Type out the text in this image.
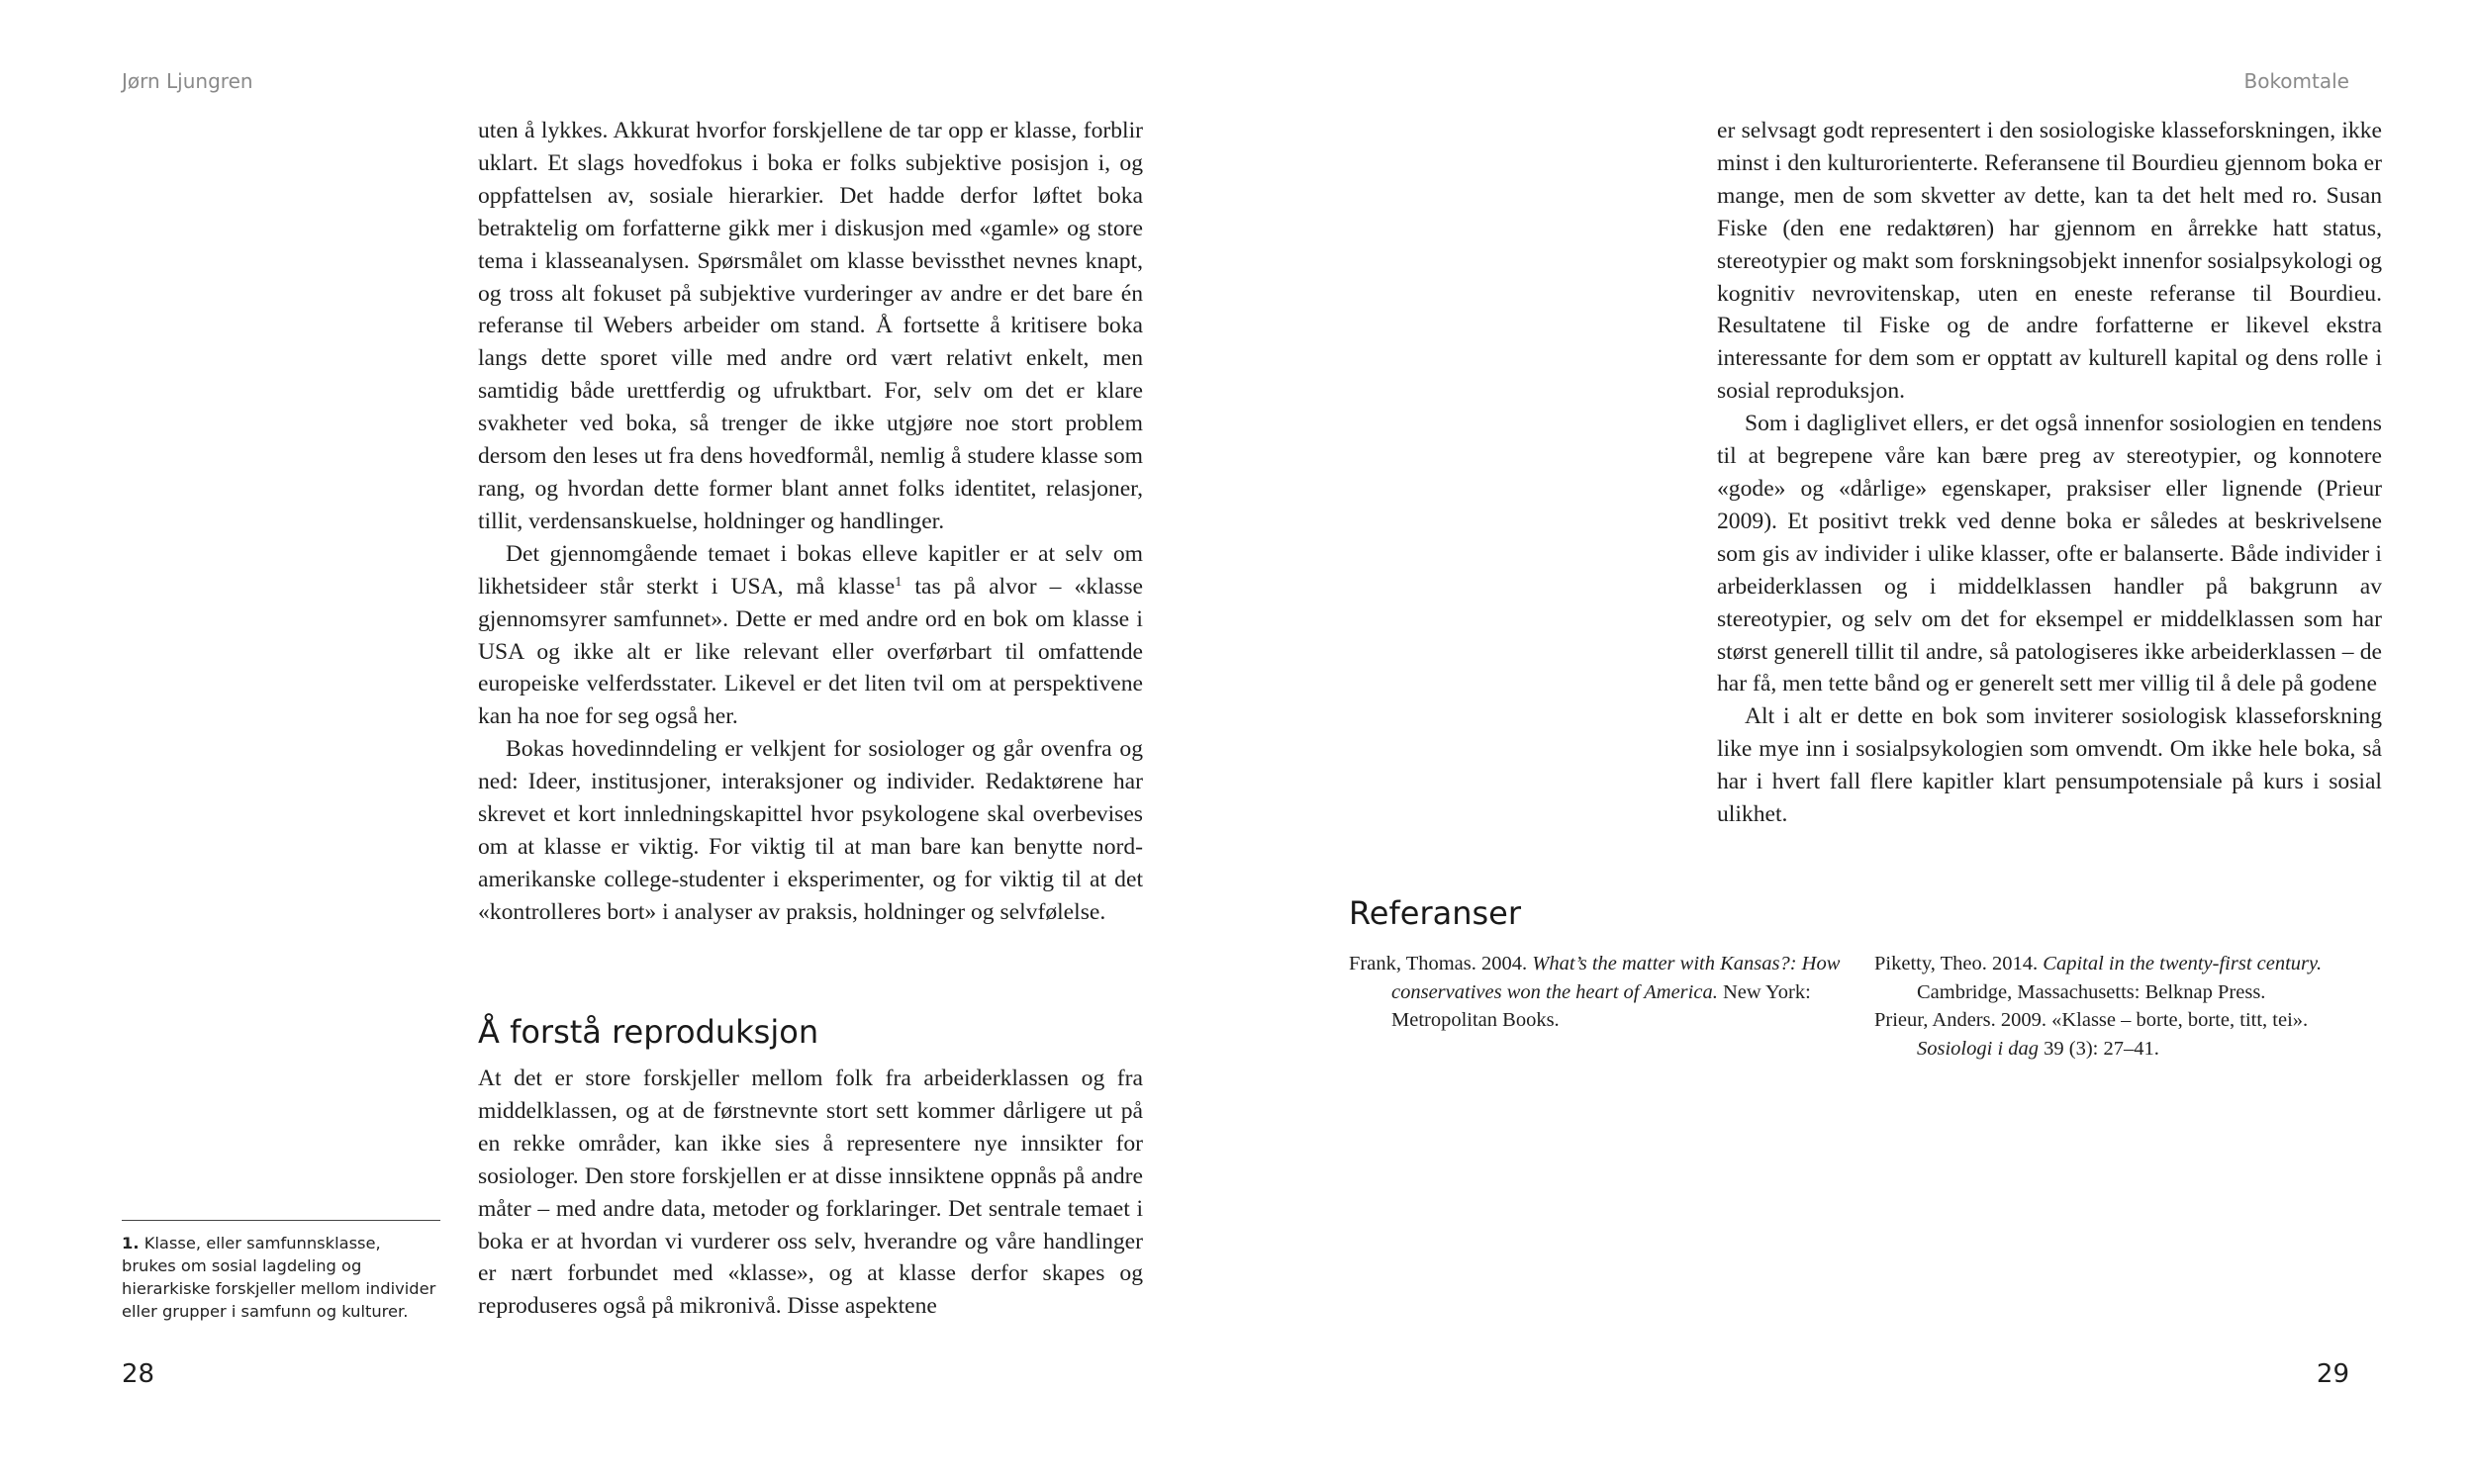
Jørn Ljungren

uten å lykkes. Akkurat hvorfor forskjellene de tar opp er klasse, forblir uklart. Et slags hovedfokus i boka er folks subjektive posisjon i, og oppfattelsen av, sosiale hierarkier. Det hadde derfor løftet boka betraktelig om forfatterne gikk mer i diskusjon med «gamle» og store tema i klasseanalysen. Spørsmålet om klasse bevissthet nevnes knapt, og tross alt fokuset på subjektive vurderinger av andre er det bare én referanse til Webers arbeider om stand. Å fortsette å kritisere boka langs dette sporet ville med andre ord vært relativt enkelt, men samtidig både urettferdig og ufruktbart. For, selv om det er klare svakheter ved boka, så trenger de ikke utgjøre noe stort problem dersom den leses ut fra dens hovedformål, nemlig å studere klasse som rang, og hvordan dette former blant annet folks identitet, relasjoner, tillit, verdensanskuelse, holdninger og handlinger.

Det gjennomgående temaet i bokas elleve kapitler er at selv om likhetsideer står sterkt i USA, må klasse$^1$ tas på alvor – «klasse gjennomsyrer samfunnet». Dette er med andre ord en bok om klasse i USA og ikke alt er like relevant eller overførbart til omfattende europeiske velferdsstater. Likevel er det liten tvil om at perspektivene kan ha noe for seg også her.

Bokas hovedinndeling er velkjent for sosiologer og går ovenfra og ned: Ideer, institusjoner, interaksjoner og individer. Redaktørene har skrevet et kort innledningskapittel hvor psykologene skal overbevises om at klasse er viktig. For viktig til at man bare kan benytte nord-amerikanske college-studenter i eksperimenter, og for viktig til at det «kontrolleres bort» i analyser av praksis, holdninger og selvfølelse.

Å forstå reproduksjon

At det er store forskjeller mellom folk fra arbeiderklassen og fra middelklassen, og at de førstnevnte stort sett kommer dårligere ut på en rekke områder, kan ikke sies å representere nye innsikter for sosiologer. Den store forskjellen er at disse innsiktene oppnås på andre måter – med andre data, metoder og forklaringer. Det sentrale temaet i boka er at hvordan vi vurderer oss selv, hverandre og våre handlinger er nært forbundet med «klasse», og at klasse derfor skapes og reproduseres også på mikronivå. Disse aspektene

1. Klasse, eller samfunnsklasse, brukes om sosial lagdeling og hierarkiske forskjeller mellom individer eller grupper i samfunn og kulturer.
28
Bokomtale

er selvsagt godt representert i den sosiologiske klasseforskningen, ikke minst i den kulturorienterte. Referansene til Bourdieu gjennom boka er mange, men de som skvetter av dette, kan ta det helt med ro. Susan Fiske (den ene redaktøren) har gjennom en årrekke hatt status, stereotypier og makt som forskningsobjekt innenfor sosialpsykologi og kognitiv nevrovitenskap, uten en eneste referanse til Bourdieu. Resultatene til Fiske og de andre forfatterne er likevel ekstra interessante for dem som er opptatt av kulturell kapital og dens rolle i sosial reproduksjon.

Som i dagliglivet ellers, er det også innenfor sosiologien en tendens til at begrepene våre kan bære preg av stereotypier, og konnotere «gode» og «dårlige» egenskaper, praksiser eller lignende (Prieur 2009). Et positivt trekk ved denne boka er således at beskrivelsene som gis av individer i ulike klasser, ofte er balanserte. Både individer i arbeiderklassen og i middelklassen handler på bakgrunn av stereotypier, og selv om det for eksempel er middelklassen som har størst generell tillit til andre, så patologiseres ikke arbeiderklassen – de har få, men tette bånd og er generelt sett mer villig til å dele på godene

Alt i alt er dette en bok som inviterer sosiologisk klasseforskning like mye inn i sosialpsykologien som omvendt. Om ikke hele boka, så har i hvert fall flere kapitler klart pensumpotensiale på kurs i sosial ulikhet.

Referanser

Frank, Thomas. 2004. What’s the matter with Kansas?: How conservatives won the heart of America. New York: Metropolitan Books.

Piketty, Theo. 2014. Capital in the twenty-first century. Cambridge, Massachusetts: Belknap Press.

Prieur, Anders. 2009. «Klasse – borte, borte, titt, tei». Sosiologi i dag 39 (3): 27–41.

29
